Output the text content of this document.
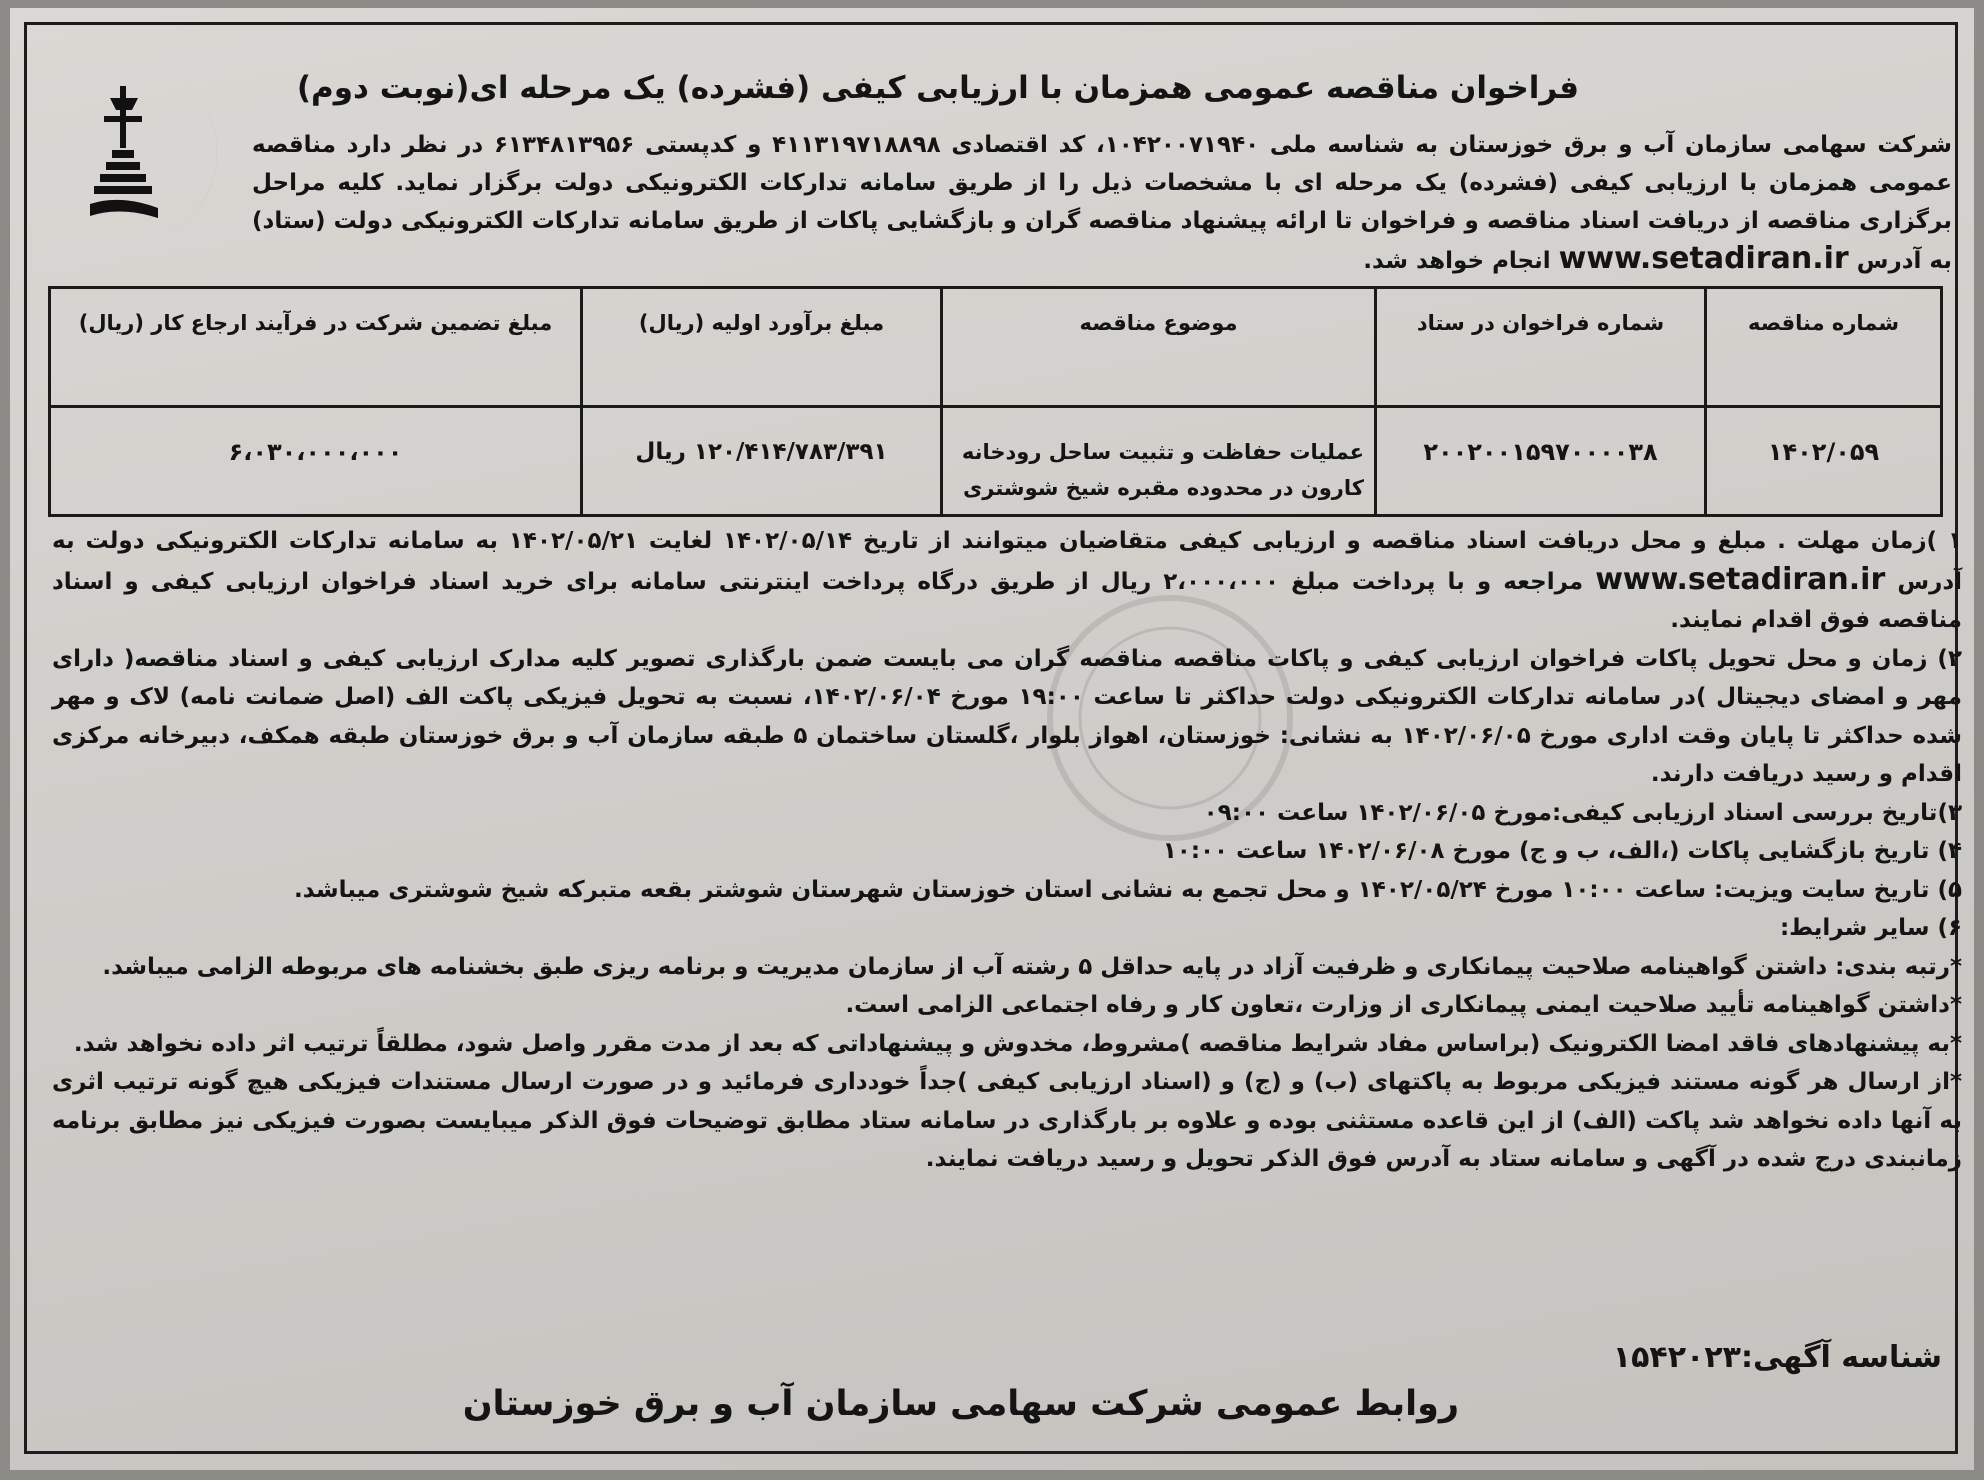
فراخوان مناقصه عمومی همزمان با ارزیابی کیفی (فشرده) یک مرحله ای(نوبت دوم)
شرکت سهامی سازمان آب و برق خوزستان به شناسه ملی ۱۰۴۲۰۰۷۱۹۴۰، کد اقتصادی ۴۱۱۳۱۹۷۱۸۸۹۸ و کدپستی ۶۱۳۴۸۱۳۹۵۶ در نظر دارد مناقصه عمومی همزمان با ارزیابی کیفی (فشرده) یک مرحله ای با مشخصات ذیل را از طریق سامانه تدارکات الکترونیکی دولت برگزار نماید. کلیه مراحل برگزاری مناقصه از دریافت اسناد مناقصه و فراخوان تا ارائه پیشنهاد مناقصه گران و بازگشایی پاکات از طریق سامانه تدارکات الکترونیکی دولت (ستاد) به آدرس www.setadiran.ir انجام خواهد شد.
شماره مناقصه	شماره فراخوان در ستاد	موضوع مناقصه	مبلغ برآورد اولیه (ریال)	مبلغ تضمین شرکت در فرآیند ارجاع کار (ریال)
۱۴۰۲/۰۵۹	۲۰۰۲۰۰۱۵۹۷۰۰۰۰۳۸	عملیات حفاظت و تثبیت ساحل رودخانه کارون در محدوده مقبره شیخ شوشتری	۱۲۰/۴۱۴/۷۸۳/۳۹۱ ریال	۶،۰۳۰،۰۰۰،۰۰۰

۱ )زمان مهلت . مبلغ و محل دریافت اسناد مناقصه و ارزیابی کیفی متقاضیان میتوانند از تاریخ ۱۴۰۲/۰۵/۱۴ لغایت ۱۴۰۲/۰۵/۲۱ به سامانه تدارکات الکترونیکی دولت به آدرس www.setadiran.ir مراجعه و با پرداخت مبلغ ۲،۰۰۰،۰۰۰ ریال از طریق درگاه پرداخت اینترنتی سامانه برای خرید اسناد فراخوان ارزیابی کیفی و اسناد مناقصه فوق اقدام نمایند.

۲) زمان و محل تحویل پاکات فراخوان ارزیابی کیفی و پاکات مناقصه مناقصه گران می بایست ضمن بارگذاری تصویر کلیه مدارک ارزیابی کیفی و اسناد مناقصه( دارای مهر و امضای دیجیتال )در سامانه تدارکات الکترونیکی دولت حداکثر تا ساعت ۱۹:۰۰ مورخ ۱۴۰۲/۰۶/۰۴، نسبت به تحویل فیزیکی پاکت الف (اصل ضمانت نامه) لاک و مهر شده حداکثر تا پایان وقت اداری مورخ ۱۴۰۲/۰۶/۰۵ به نشانی: خوزستان، اهواز بلوار ،گلستان ساختمان ۵ طبقه سازمان آب و برق خوزستان طبقه همکف، دبیرخانه مرکزی اقدام و رسید دریافت دارند.

۳)تاریخ بررسی اسناد ارزیابی کیفی:مورخ ۱۴۰۲/۰۶/۰۵ ساعت ۰۹:۰۰

۴) تاریخ بازگشایی پاکات (،الف، ب و ج) مورخ ۱۴۰۲/۰۶/۰۸ ساعت ۱۰:۰۰

۵) تاریخ سایت ویزیت: ساعت ۱۰:۰۰ مورخ ۱۴۰۲/۰۵/۲۴ و محل تجمع به نشانی استان خوزستان شهرستان شوشتر بقعه متبرکه شیخ شوشتری میباشد.

۶) سایر شرایط:

*رتبه بندی: داشتن گواهینامه صلاحیت پیمانکاری و ظرفیت آزاد در پایه حداقل ۵ رشته آب از سازمان مدیریت و برنامه ریزی طبق بخشنامه های مربوطه الزامی میباشد.

*داشتن گواهینامه تأیید صلاحیت ایمنی پیمانکاری از وزارت ،تعاون کار و رفاه اجتماعی الزامی است.

*به پیشنهادهای فاقد امضا الکترونیک (براساس مفاد شرایط مناقصه )مشروط، مخدوش و پیشنهاداتی که بعد از مدت مقرر واصل شود، مطلقاً ترتیب اثر داده نخواهد شد.

*از ارسال هر گونه مستند فیزیکی مربوط به پاکتهای (ب) و (ج) و (اسناد ارزیابی کیفی )جداً خودداری فرمائید و در صورت ارسال مستندات فیزیکی هیچ گونه ترتیب اثری به آنها داده نخواهد شد پاکت (الف) از این قاعده مستثنی بوده و علاوه بر بارگذاری در سامانه ستاد مطابق توضیحات فوق الذکر میبایست بصورت فیزیکی نیز مطابق برنامه زمانبندی درج شده در آگهی و سامانه ستاد به آدرس فوق الذکر تحویل و رسید دریافت نمایند.

شناسه آگهی:۱۵۴۲۰۲۳
روابط عمومی شرکت سهامی سازمان آب و برق خوزستان
